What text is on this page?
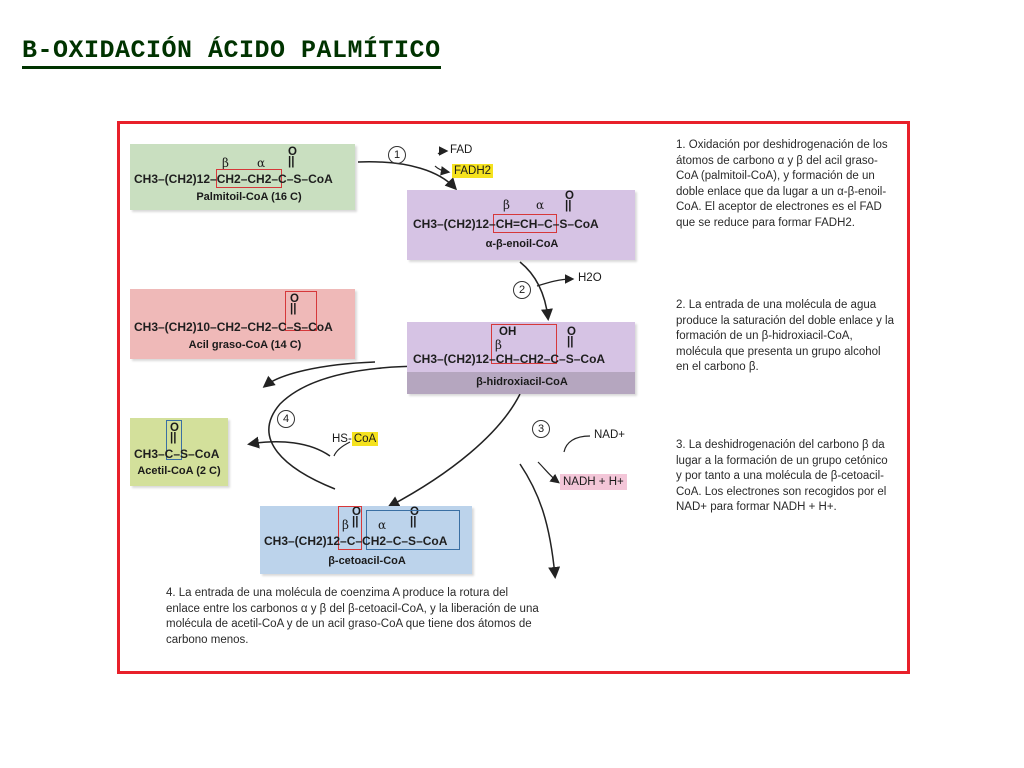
B-OXIDACIÓN ÁCIDO PALMÍTICO
β α
O
||
CH3–(CH2)12–CH2–CH2–C–S–CoA
Palmitoil-CoA (16 C)
1	FAD
FADH2
β α
O
||
CH3–(CH2)12–CH=CH–C–S–CoA
α-β-enoil-CoA
2
H2O
OH
β
O
||
CH3–(CH2)12–CH–CH2–C–S–CoA
β-hidroxiacil-CoA
3	NAD+
NADH + H+
O
||
CH3–(CH2)10–CH2–CH2–C–S–CoA
Acil graso-CoA (14 C)
4
HS- CoA
O
||
CH3–C–S–CoA
Acetil-CoA (2 C)
O
||
β α
O
||
CH3–(CH2)12–C–CH2–C–S–CoA
β-cetoacil-CoA
1. Oxidación por deshidrogenación de los átomos de carbono α y β del acil graso-CoA (palmitoil-CoA), y formación de un doble enlace que da lugar a un α-β-enoil-CoA. El aceptor de electrones es el FAD que se reduce para formar FADH2.
2. La entrada de una molécula de agua produce la saturación del doble enlace y la formación de un β-hidroxiacil-CoA, molécula que presenta un grupo alcohol en el carbono β.
3. La deshidrogenación del carbono β da lugar a la formación de un grupo cetónico y por tanto a una molécula de β-cetoacil-CoA. Los electrones son recogidos por el NAD+ para formar NADH + H+.
4. La entrada de una molécula de coenzima A produce la rotura del enlace entre los carbonos α y β del β-cetoacil-CoA, y la liberación de una molécula de acetil-CoA y de un acil graso-CoA que tiene dos átomos de carbono menos.
